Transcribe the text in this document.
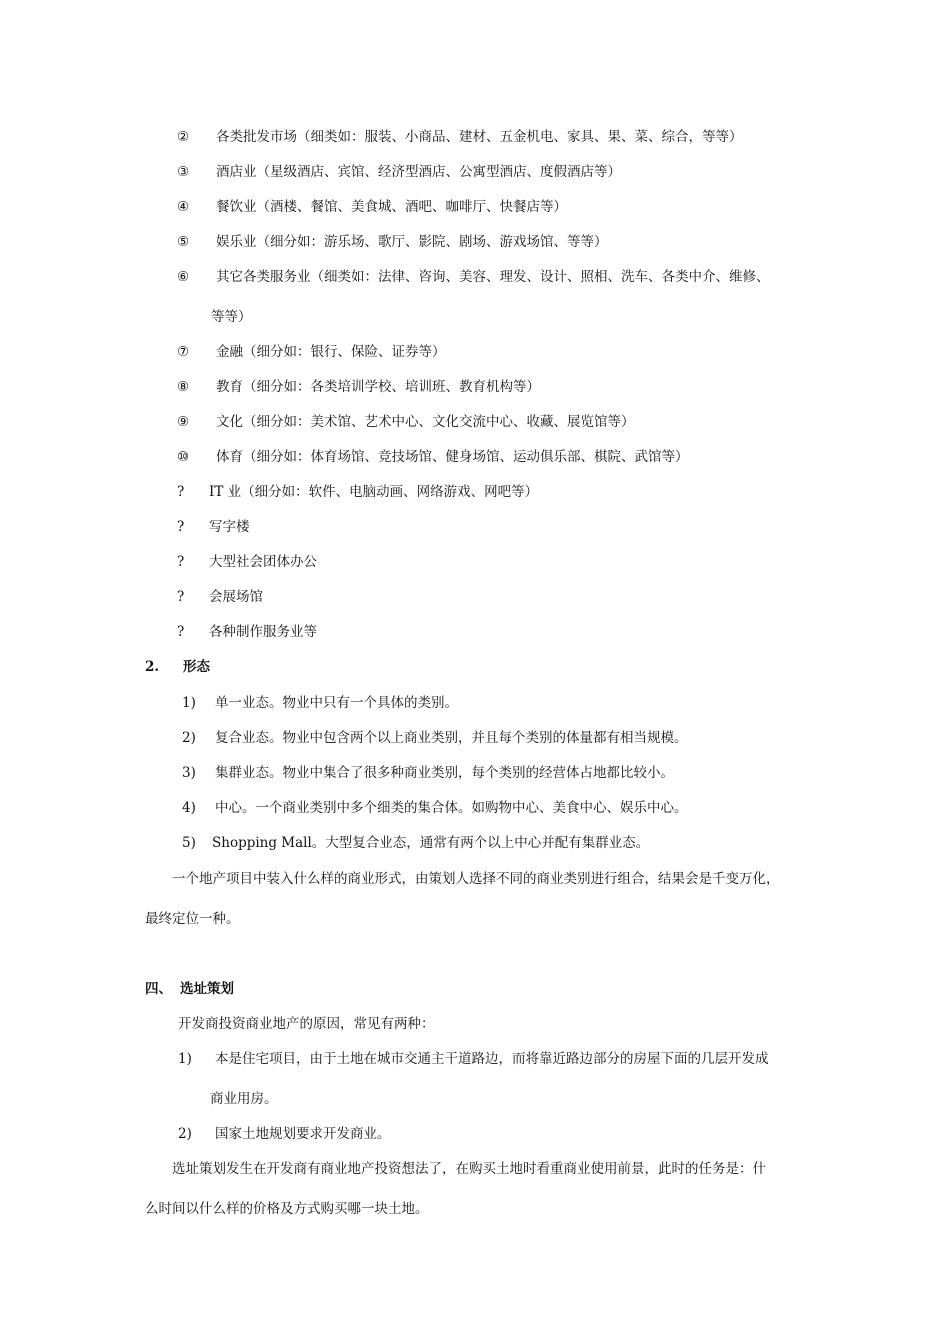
② 各类批发市场（细类如：服装、小商品、建材、五金机电、家具、果、菜、综合，等等）
③ 酒店业（星级酒店、宾馆、经济型酒店、公寓型酒店、度假酒店等）
④ 餐饮业（酒楼、餐馆、美食城、酒吧、咖啡厅、快餐店等）
⑤ 娱乐业（细分如：游乐场、歌厅、影院、剧场、游戏场馆、等等）
⑥ 其它各类服务业（细类如：法律、咨询、美容、理发、设计、照相、洗车、各类中介、维修、
等等）
⑦ 金融（细分如：银行、保险、证券等）
⑧ 教育（细分如：各类培训学校、培训班、教育机构等）
⑨ 文化（细分如：美术馆、艺术中心、文化交流中心、收藏、展览馆等）
⑩ 体育（细分如：体育场馆、竞技场馆、健身场馆、运动俱乐部、棋院、武馆等）
? IT 业（细分如：软件、电脑动画、网络游戏、网吧等）
? 写字楼
? 大型社会团体办公
? 会展场馆
? 各种制作服务业等
2. 形态
1) 单一业态。物业中只有一个具体的类别。
2) 复合业态。物业中包含两个以上商业类别，并且每个类别的体量都有相当规模。
3) 集群业态。物业中集合了很多种商业类别，每个类别的经营体占地都比较小。
4) 中心。一个商业类别中多个细类的集合体。如购物中心、美食中心、娱乐中心。
5) Shopping Mall。大型复合业态，通常有两个以上中心并配有集群业态。
一个地产项目中装入什么样的商业形式，由策划人选择不同的商业类别进行组合，结果会是千变万化，
最终定位一种。
四、 选址策划
开发商投资商业地产的原因，常见有两种：
1) 本是住宅项目，由于土地在城市交通主干道路边，而将靠近路边部分的房屋下面的几层开发成
商业用房。
2) 国家土地规划要求开发商业。
选址策划发生在开发商有商业地产投资想法了，在购买土地时看重商业使用前景，此时的任务是：什
么时间以什么样的价格及方式购买哪一块土地。
